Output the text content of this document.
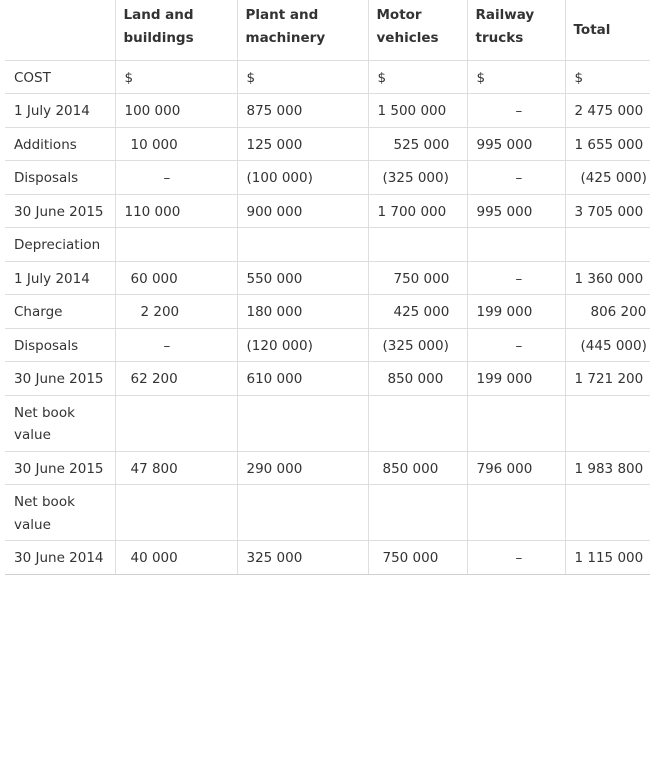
	Land and buildings	Plant and machinery	Motor vehicles	Railway trucks	Total
COST	$	$	$	$	$
1 July 2014	100 000	875 000	1 500 000	–	2 475 000
Additions	10 000	125 000	525 000	995 000	1 655 000
Disposals	–	(100 000)	(325 000)	–	(425 000)
30 June 2015	110 000	900 000	1 700 000	995 000	3 705 000
Depreciation					
1 July 2014	60 000	550 000	750 000	–	1 360 000
Charge	2 200	180 000	425 000	199 000	806 200
Disposals	–	(120 000)	(325 000)	–	(445 000)
30 June 2015	62 200	610 000	850 000	199 000	1 721 200
Net book value					
30 June 2015	47 800	290 000	850 000	796 000	1 983 800
Net book value					
30 June 2014	40 000	325 000	750 000	–	1 115 000
